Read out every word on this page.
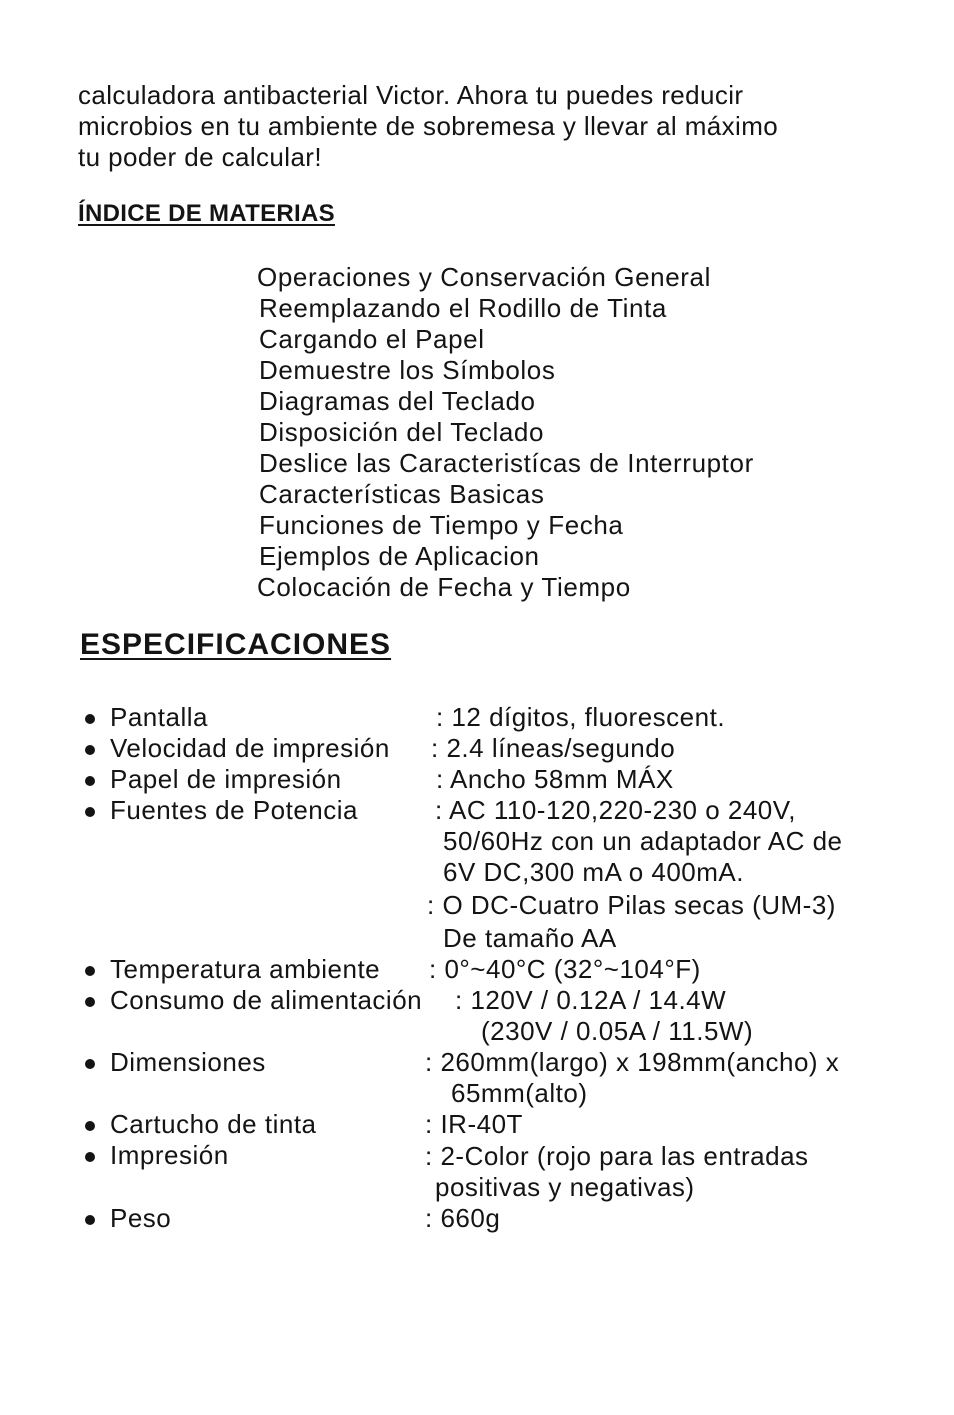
calculadora antibacterial Victor. Ahora tu puedes reducir

microbios en tu ambiente de sobremesa y llevar al máximo

tu poder de calcular!

ÍNDICE DE MATERIAS
Operaciones y Conservación General
Reemplazando el Rodillo de Tinta
Cargando el Papel
Demuestre los Símbolos
Diagramas del Teclado
Disposición del Teclado
Deslice las Caracteristícas de Interruptor
Características Basicas
Funciones de Tiempo y Fecha
Ejemplos de Aplicacion
Colocación de Fecha y Tiempo
ESPECIFICACIONES
Pantalla	: 12 dígitos, fluorescent.
Velocidad de impresión : 2.4 líneas/segundo
Papel de impresión	: Ancho 58mm MÁX
Fuentes de Potencia	: AC 110-120,220-230 o 240V,
50/60Hz con un adaptador AC de
6V DC,300 mA o 400mA.
: O DC-Cuatro Pilas secas (UM-3)
De tamaño AA
Temperatura ambiente : 0°~40°C (32°~104°F)
Consumo de alimentación : 120V / 0.12A / 14.4W
(230V / 0.05A / 11.5W)
Dimensiones	: 260mm(largo) x 198mm(ancho) x
65mm(alto)
Cartucho de tinta	: IR-40T
Impresión	: 2-Color (rojo para las entradas
positivas y negativas)
Peso	: 660g
